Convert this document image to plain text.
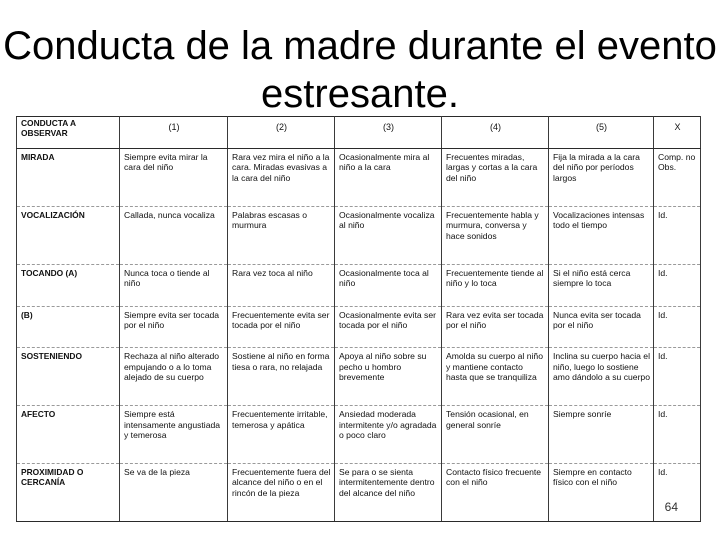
Conducta de la madre durante el evento estresante.
CONDUCTA A OBSERVAR	(1)	(2)	(3)	(4)	(5)	X
MIRADA	Siempre evita mirar la cara del niño	Rara vez mira el niño a la cara. Miradas evasivas a la cara del niño	Ocasionalmente mira al niño a la cara	Frecuentes miradas, largas y cortas a la cara del niño	Fija la mirada a la cara del niño por períodos largos	Comp. no Obs.
VOCALIZACIÓN	Callada, nunca vocaliza	Palabras escasas o murmura	Ocasionalmente vocaliza al niño	Frecuentemente habla y murmura, conversa y hace sonidos	Vocalizaciones intensas todo el tiempo	Id.
TOCANDO (A)	Nunca toca o tiende al niño	Rara vez toca al niño	Ocasionalmente toca al niño	Frecuentemente tiende al niño y lo toca	Si el niño está cerca siempre lo toca	Id.
(B)	Siempre evita ser tocada por el niño	Frecuentemente evita ser tocada por el niño	Ocasionalmente evita ser tocada por el niño	Rara vez evita ser tocada por el niño	Nunca evita ser tocada por el niño	Id.
SOSTENIENDO	Rechaza al niño alterado empujando o a lo toma alejado de su cuerpo	Sostiene al niño en forma tiesa o rara, no relajada	Apoya al niño sobre su pecho u hombro brevemente	Amolda su cuerpo al niño y mantiene contacto hasta que se tranquiliza	Inclina su cuerpo hacia el niño, luego lo sostiene amo dándolo a su cuerpo	Id.
AFECTO	Siempre está intensamente angustiada y temerosa	Frecuentemente irritable, temerosa y apática	Ansiedad moderada intermitente y/o agradada o poco claro	Tensión ocasional, en general sonríe	Siempre sonríe	Id.
PROXIMIDAD O CERCANÍA	Se va de la pieza	Frecuentemente fuera del alcance del niño o en el rincón de la pieza	Se para o se sienta intermitentemente dentro del alcance del niño	Contacto físico frecuente con el niño	Siempre en contacto físico con el niño	Id.
64
